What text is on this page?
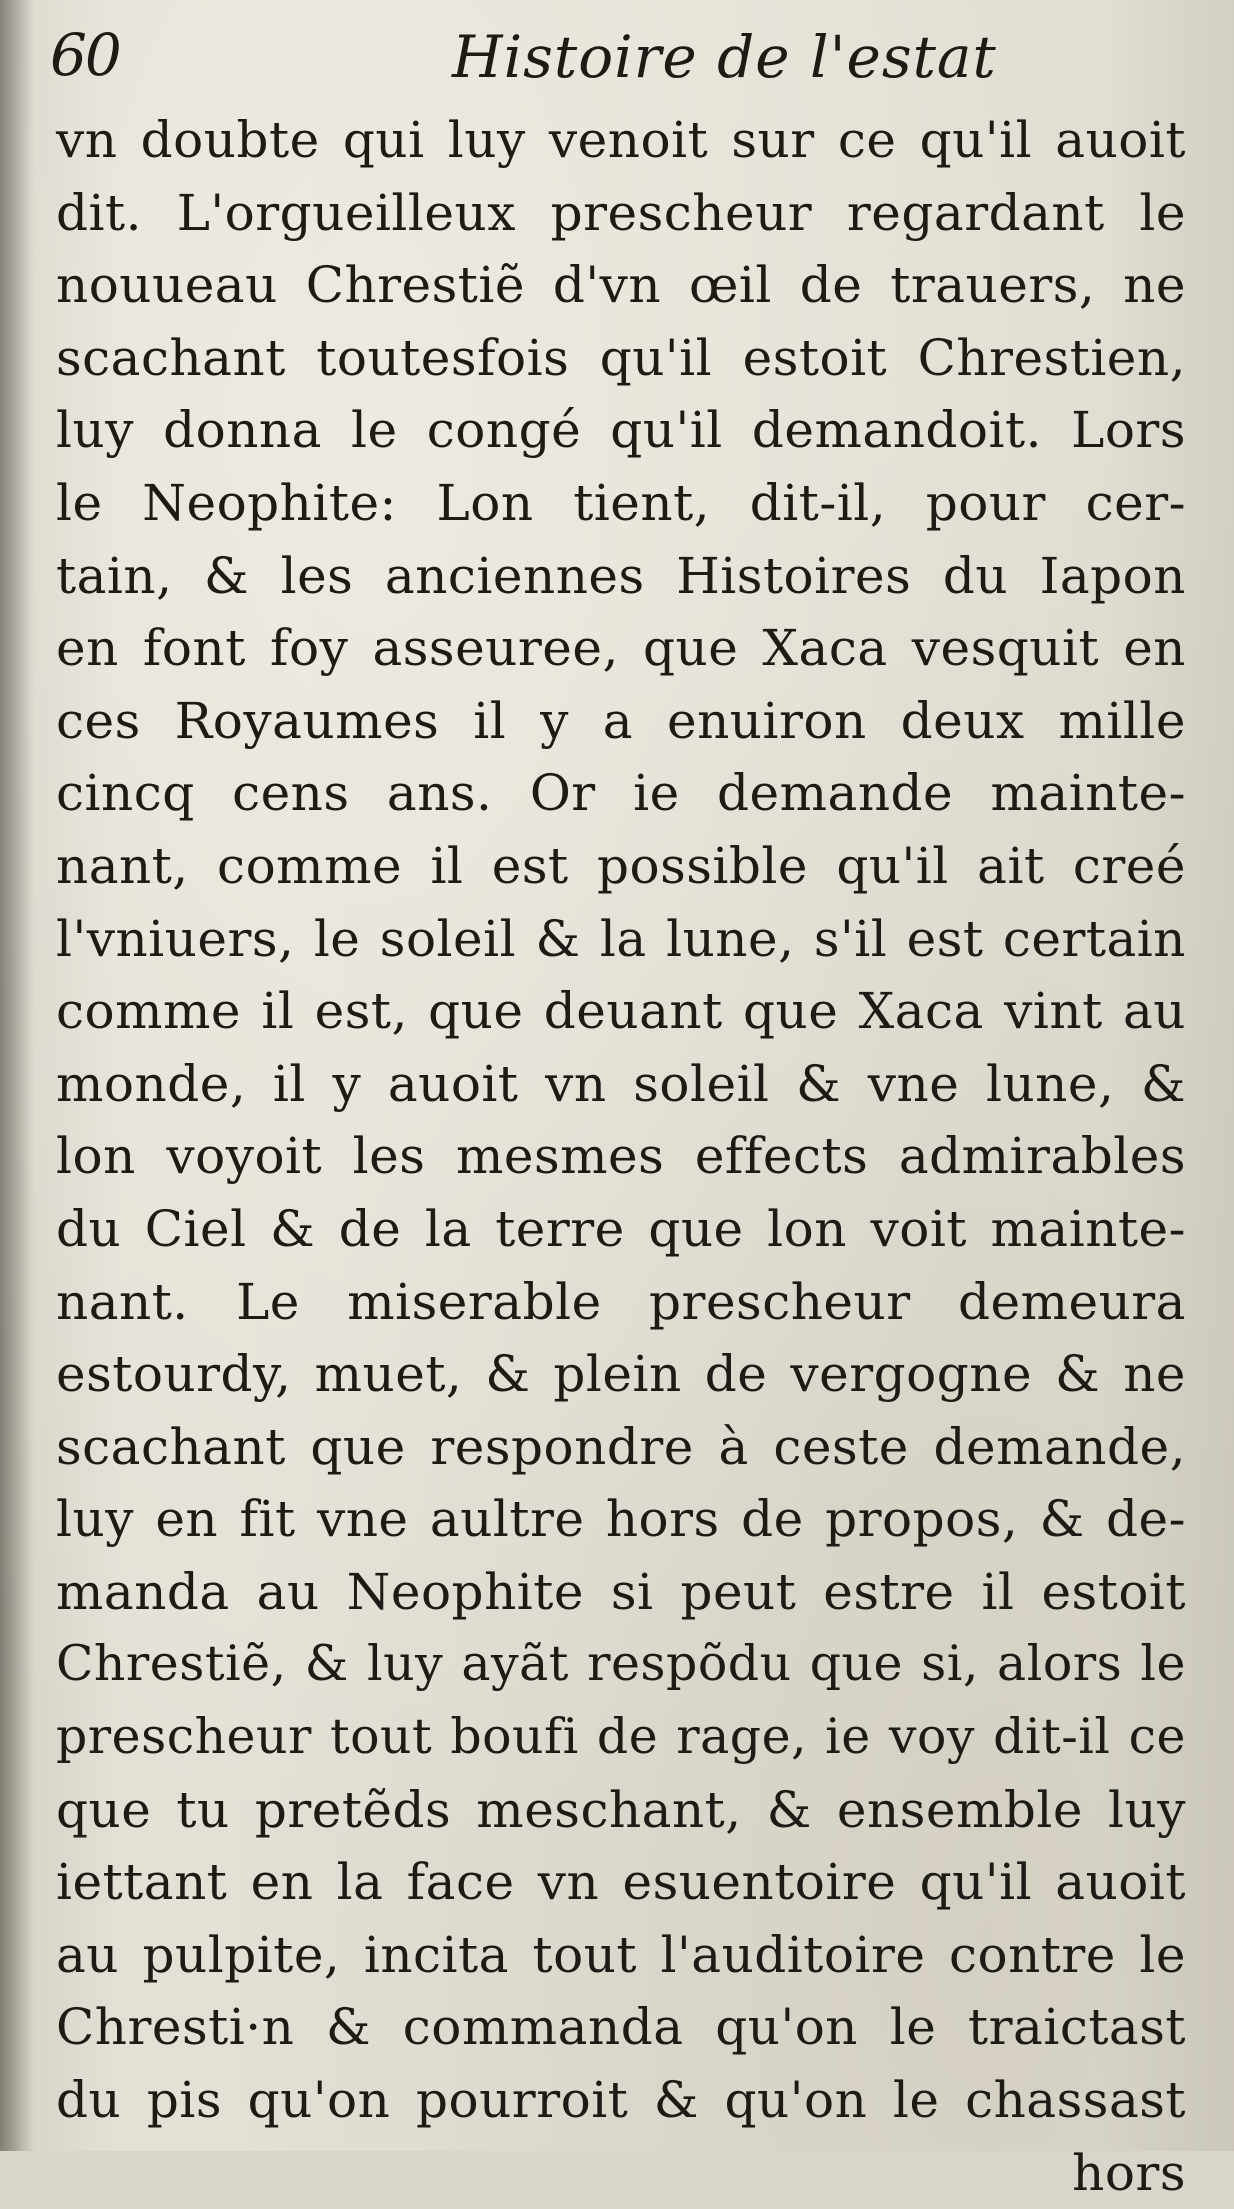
60	Histoire de l'estat
vn doubte qui luy venoit sur ce qu'il auoit
dit. L'orgueilleux prescheur regardant le
nouueau Chrestiẽ d'vn œil de trauers, ne
scachant toutesfois qu'il estoit Chrestien,
luy donna le congé qu'il demandoit. Lors
le Neophite: Lon tient, dit-il, pour cer-
tain, & les anciennes Histoires du Iapon
en font foy asseuree, que Xaca vesquit en
ces Royaumes il y a enuiron deux mille
cincq cens ans. Or ie demande mainte-
nant, comme il est possible qu'il ait creé
l'vniuers, le soleil & la lune, s'il est certain
comme il est, que deuant que Xaca vint au
monde, il y auoit vn soleil & vne lune, &
lon voyoit les mesmes effects admirables
du Ciel & de la terre que lon voit mainte-
nant. Le miserable prescheur demeura
estourdy, muet, & plein de vergogne & ne
scachant que respondre à ceste demande,
luy en fit vne aultre hors de propos, & de-
manda au Neophite si peut estre il estoit
Chrestiẽ, & luy ayãt respõdu que si, alors le
prescheur tout boufi de rage, ie voy dit-il ce
que tu pretẽds meschant, & ensemble luy
iettant en la face vn esuentoire qu'il auoit
au pulpite, incita tout l'auditoire contre le
Chresti·n & commanda qu'on le traictast
du pis qu'on pourroit & qu'on le chassast
hors
